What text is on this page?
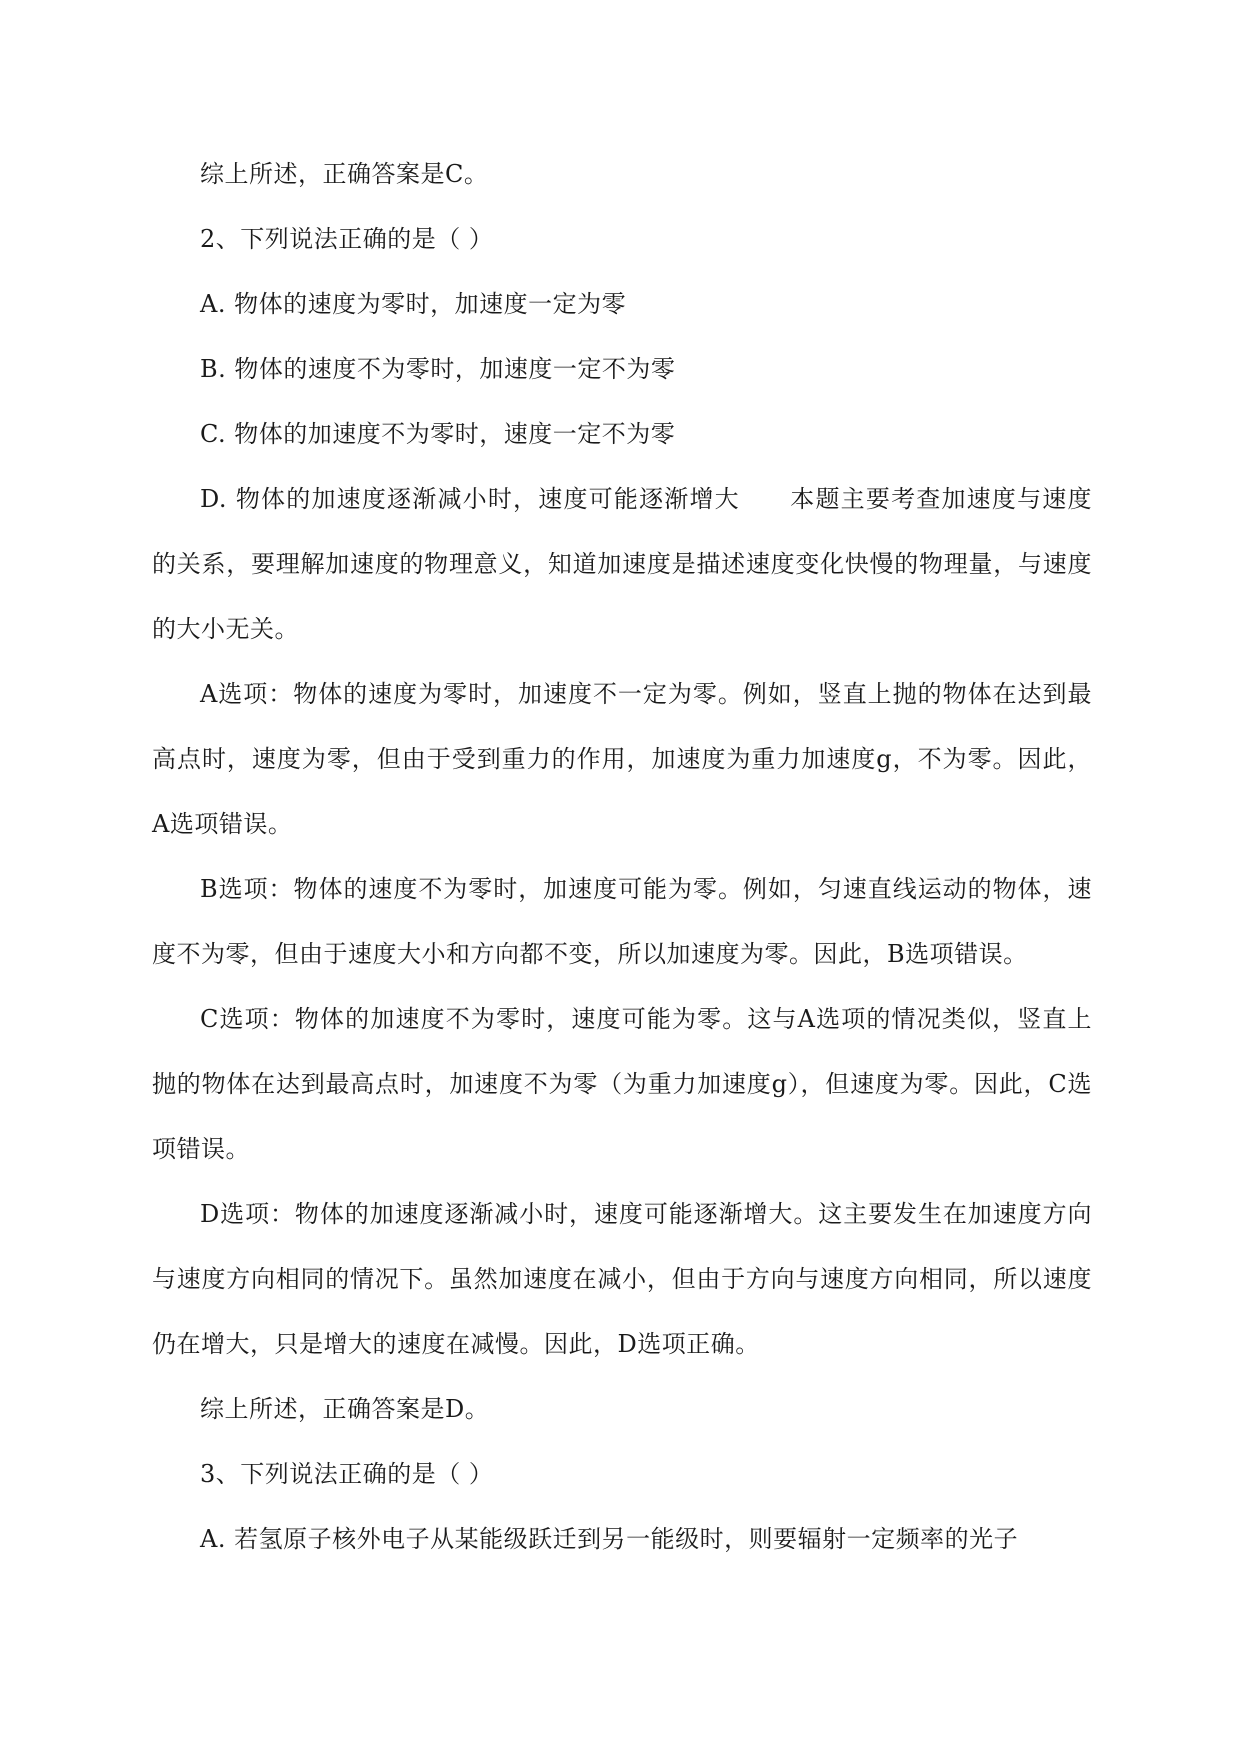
综上所述，正确答案是C。

2、下列说法正确的是（ ）

A. 物体的速度为零时，加速度一定为零

B. 物体的速度不为零时，加速度一定不为零

C. 物体的加速度不为零时，速度一定不为零

D. 物体的加速度逐渐减小时，速度可能逐渐增大　　本题主要考查加速度与速度的关系，要理解加速度的物理意义，知道加速度是描述速度变化快慢的物理量，与速度的大小无关。

A选项：物体的速度为零时，加速度不一定为零。例如，竖直上抛的物体在达到最高点时，速度为零，但由于受到重力的作用，加速度为重力加速度g，不为零。因此，A选项错误。

B选项：物体的速度不为零时，加速度可能为零。例如，匀速直线运动的物体，速度不为零，但由于速度大小和方向都不变，所以加速度为零。因此，B选项错误。

C选项：物体的加速度不为零时，速度可能为零。这与A选项的情况类似，竖直上抛的物体在达到最高点时，加速度不为零（为重力加速度g），但速度为零。因此，C选项错误。

D选项：物体的加速度逐渐减小时，速度可能逐渐增大。这主要发生在加速度方向与速度方向相同的情况下。虽然加速度在减小，但由于方向与速度方向相同，所以速度仍在增大，只是增大的速度在减慢。因此，D选项正确。

综上所述，正确答案是D。

3、下列说法正确的是（ ）

A. 若氢原子核外电子从某能级跃迁到另一能级时，则要辐射一定频率的光子
